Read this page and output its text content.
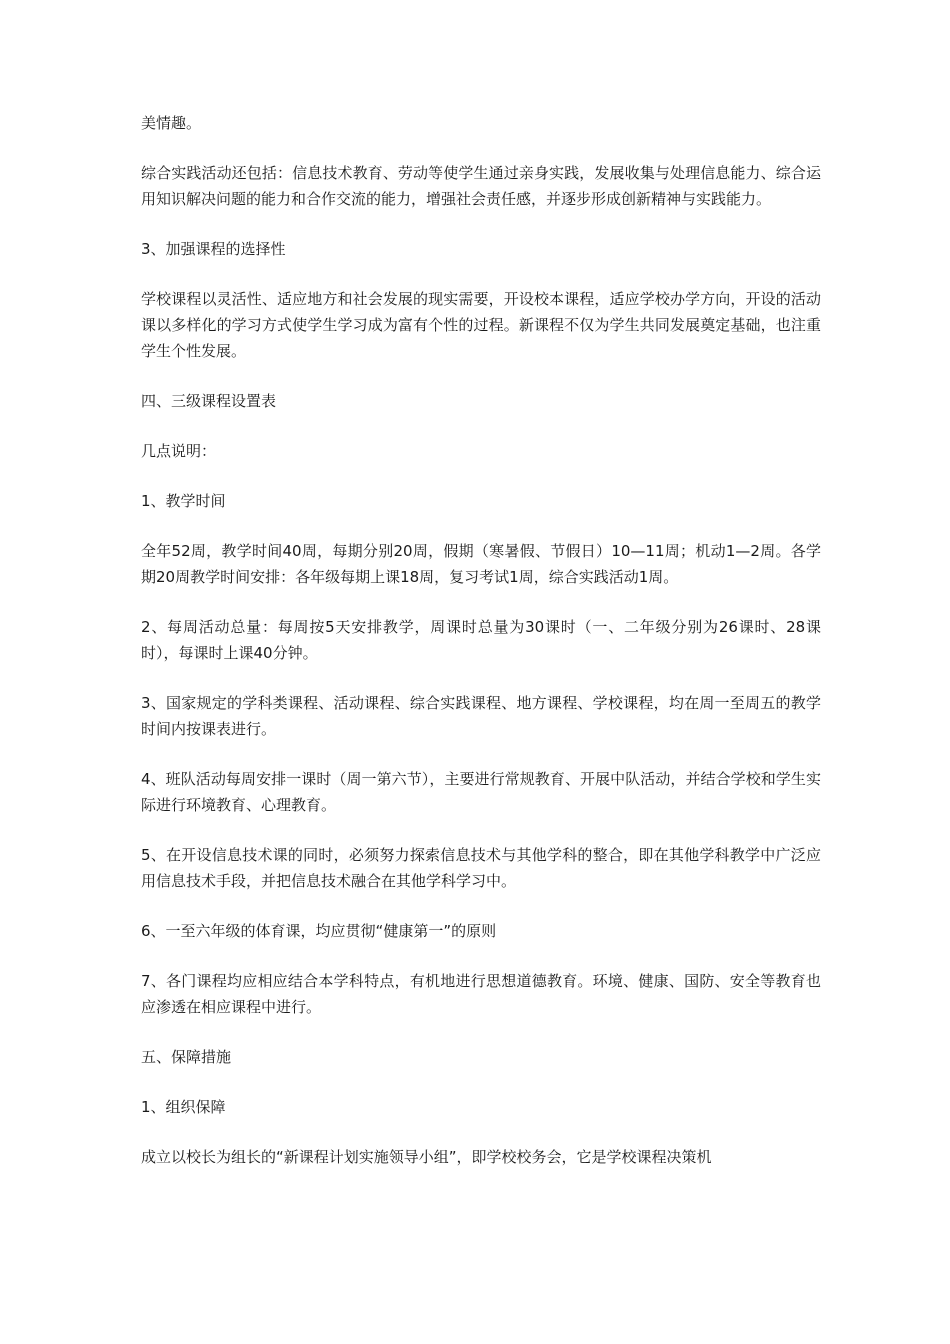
美情趣。

综合实践活动还包括：信息技术教育、劳动等使学生通过亲身实践，发展收集与处理信息能力、综合运用知识解决问题的能力和合作交流的能力，增强社会责任感，并逐步形成创新精神与实践能力。

3、加强课程的选择性

学校课程以灵活性、适应地方和社会发展的现实需要，开设校本课程，适应学校办学方向，开设的活动课以多样化的学习方式使学生学习成为富有个性的过程。新课程不仅为学生共同发展奠定基础，也注重学生个性发展。

四、三级课程设置表

几点说明：

1、教学时间

全年52周，教学时间40周，每期分别20周，假期（寒暑假、节假日）10—11周；机动1—2周。各学期20周教学时间安排：各年级每期上课18周，复习考试1周，综合实践活动1周。

2、每周活动总量：每周按5天安排教学，周课时总量为30课时（一、二年级分别为26课时、28课时），每课时上课40分钟。

3、国家规定的学科类课程、活动课程、综合实践课程、地方课程、学校课程，均在周一至周五的教学时间内按课表进行。

4、班队活动每周安排一课时（周一第六节），主要进行常规教育、开展中队活动，并结合学校和学生实际进行环境教育、心理教育。

5、在开设信息技术课的同时，必须努力探索信息技术与其他学科的整合，即在其他学科教学中广泛应用信息技术手段，并把信息技术融合在其他学科学习中。

6、一至六年级的体育课，均应贯彻“健康第一”的原则

7、各门课程均应相应结合本学科特点，有机地进行思想道德教育。环境、健康、国防、安全等教育也应渗透在相应课程中进行。

五、保障措施

1、组织保障

成立以校长为组长的“新课程计划实施领导小组”，即学校校务会，它是学校课程决策机
